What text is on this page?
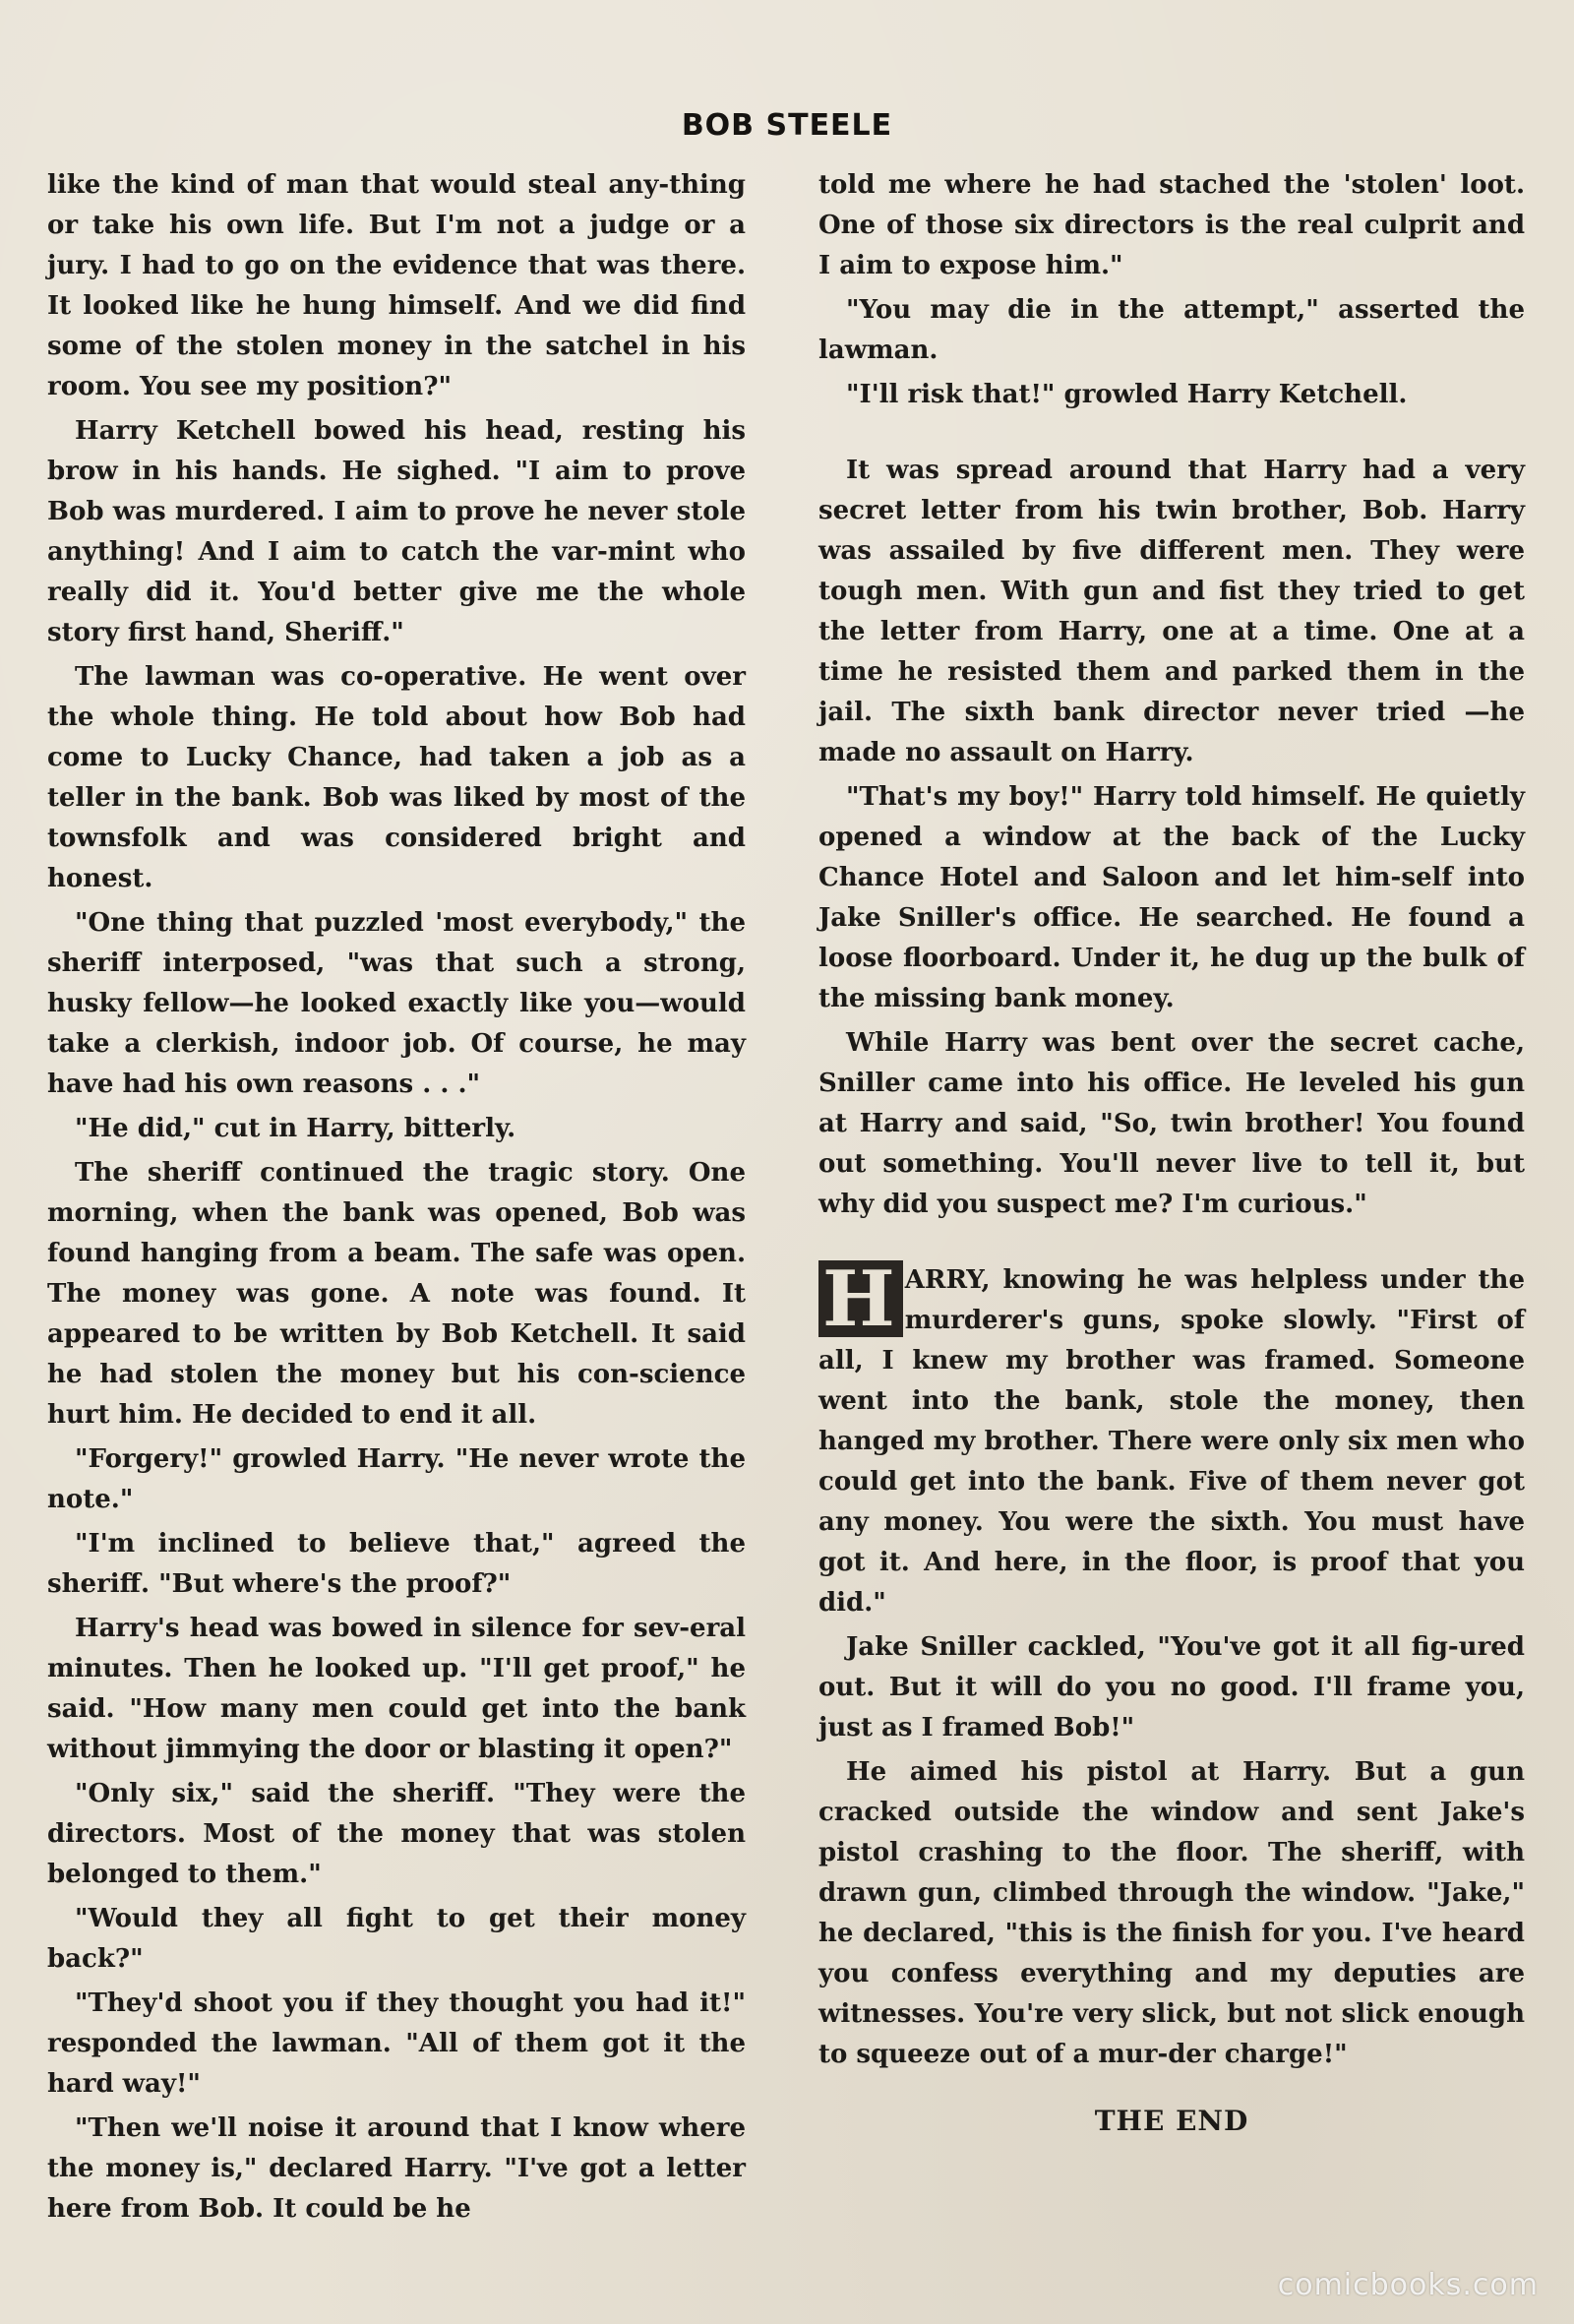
BOB STEELE

like the kind of man that would steal any-thing or take his own life. But I'm not a judge or a jury. I had to go on the evidence that was there. It looked like he hung himself. And we did find some of the stolen money in the satchel in his room. You see my position?"

Harry Ketchell bowed his head, resting his brow in his hands. He sighed. "I aim to prove Bob was murdered. I aim to prove he never stole anything! And I aim to catch the var-mint who really did it. You'd better give me the whole story first hand, Sheriff."

The lawman was co-operative. He went over the whole thing. He told about how Bob had come to Lucky Chance, had taken a job as a teller in the bank. Bob was liked by most of the townsfolk and was considered bright and honest.

"One thing that puzzled 'most everybody," the sheriff interposed, "was that such a strong, husky fellow—he looked exactly like you—would take a clerkish, indoor job. Of course, he may have had his own reasons . . ."

"He did," cut in Harry, bitterly.

The sheriff continued the tragic story. One morning, when the bank was opened, Bob was found hanging from a beam. The safe was open. The money was gone. A note was found. It appeared to be written by Bob Ketchell. It said he had stolen the money but his con-science hurt him. He decided to end it all.

"Forgery!" growled Harry. "He never wrote the note."

"I'm inclined to believe that," agreed the sheriff. "But where's the proof?"

Harry's head was bowed in silence for sev-eral minutes. Then he looked up. "I'll get proof," he said. "How many men could get into the bank without jimmying the door or blasting it open?"

"Only six," said the sheriff. "They were the directors. Most of the money that was stolen belonged to them."

"Would they all fight to get their money back?"

"They'd shoot you if they thought you had it!" responded the lawman. "All of them got it the hard way!"

"Then we'll noise it around that I know where the money is," declared Harry. "I've got a letter here from Bob. It could be he

told me where he had stached the 'stolen' loot. One of those six directors is the real culprit and I aim to expose him."

"You may die in the attempt," asserted the lawman.

"I'll risk that!" growled Harry Ketchell.

It was spread around that Harry had a very secret letter from his twin brother, Bob. Harry was assailed by five different men. They were tough men. With gun and fist they tried to get the letter from Harry, one at a time. One at a time he resisted them and parked them in the jail. The sixth bank director never tried —he made no assault on Harry.

"That's my boy!" Harry told himself. He quietly opened a window at the back of the Lucky Chance Hotel and Saloon and let him-self into Jake Sniller's office. He searched. He found a loose floorboard. Under it, he dug up the bulk of the missing bank money.

While Harry was bent over the secret cache, Sniller came into his office. He leveled his gun at Harry and said, "So, twin brother! You found out something. You'll never live to tell it, but why did you suspect me? I'm curious."

H ARRY, knowing he was helpless under the murderer's guns, spoke slowly. "First of all, I knew my brother was framed. Someone went into the bank, stole the money, then hanged my brother. There were only six men who could get into the bank. Five of them never got any money. You were the sixth. You must have got it. And here, in the floor, is proof that you did."

Jake Sniller cackled, "You've got it all fig-ured out. But it will do you no good. I'll frame you, just as I framed Bob!"

He aimed his pistol at Harry. But a gun cracked outside the window and sent Jake's pistol crashing to the floor. The sheriff, with drawn gun, climbed through the window. "Jake," he declared, "this is the finish for you. I've heard you confess everything and my deputies are witnesses. You're very slick, but not slick enough to squeeze out of a mur-der charge!"

THE END
comicbooks.com
